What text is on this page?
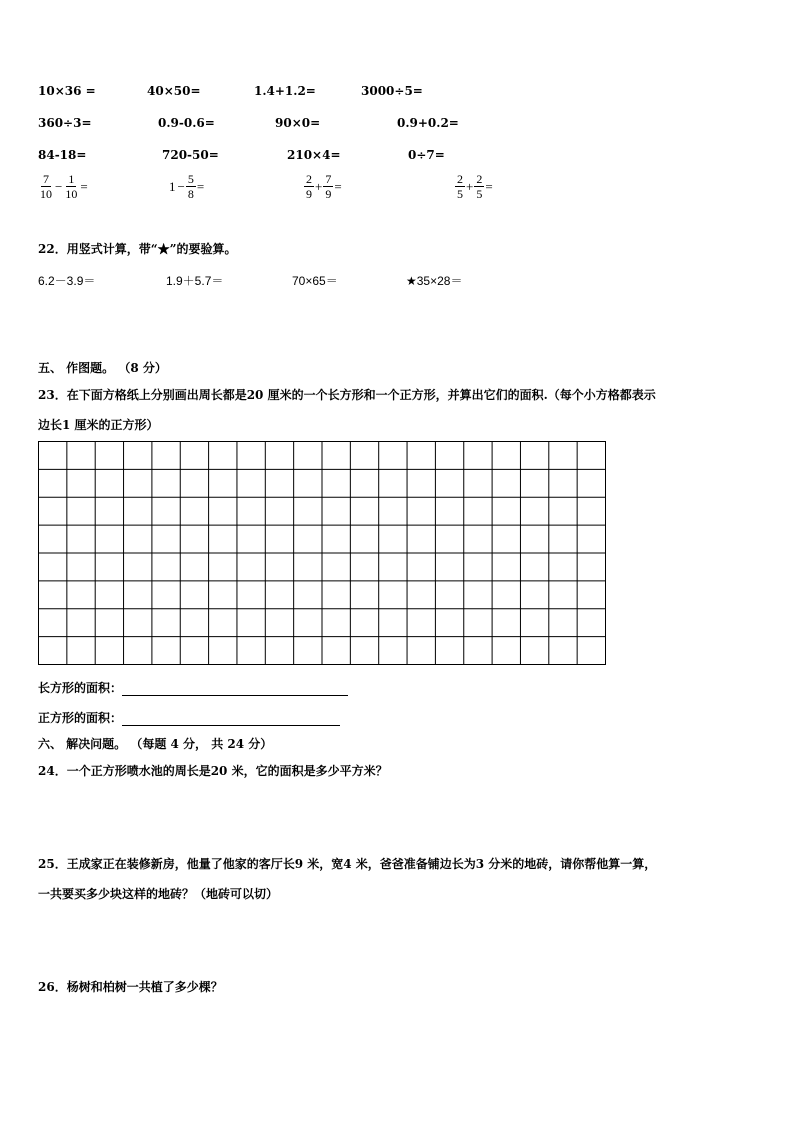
10×36 =	40×50=	1.4+1.2=	3000÷5=
360÷3=	0.9-0.6=	90×0=	0.9+0.2=
84-18=	720-50=	210×4=	0÷7=
$\frac{7}{10} - \frac{1}{10}$ =	$1 - \frac{5}{8}$ =	$\frac{2}{9} + \frac{7}{9}$ =	$\frac{2}{5} + \frac{2}{5}$ =
22．用竖式计算，带“★”的要验算。
6.2－3.9＝	1.9＋5.7＝	70×65＝	★35×28＝
五、 作图题。 （8 分）
23．在下面方格纸上分别画出周长都是20 厘米的一个长方形和一个正方形，并算出它们的面积.（每个小方格都表示
边长1 厘米的正方形）
长方形的面积：
正方形的面积：
六、 解决问题。 （每题 4 分， 共 24 分）
24．一个正方形喷水池的周长是20 米，它的面积是多少平方米？
25．王成家正在装修新房，他量了他家的客厅长9 米，宽4 米，爸爸准备铺边长为3 分米的地砖，请你帮他算一算，
一共要买多少块这样的地砖？（地砖可以切）
26．杨树和柏树一共植了多少棵？
